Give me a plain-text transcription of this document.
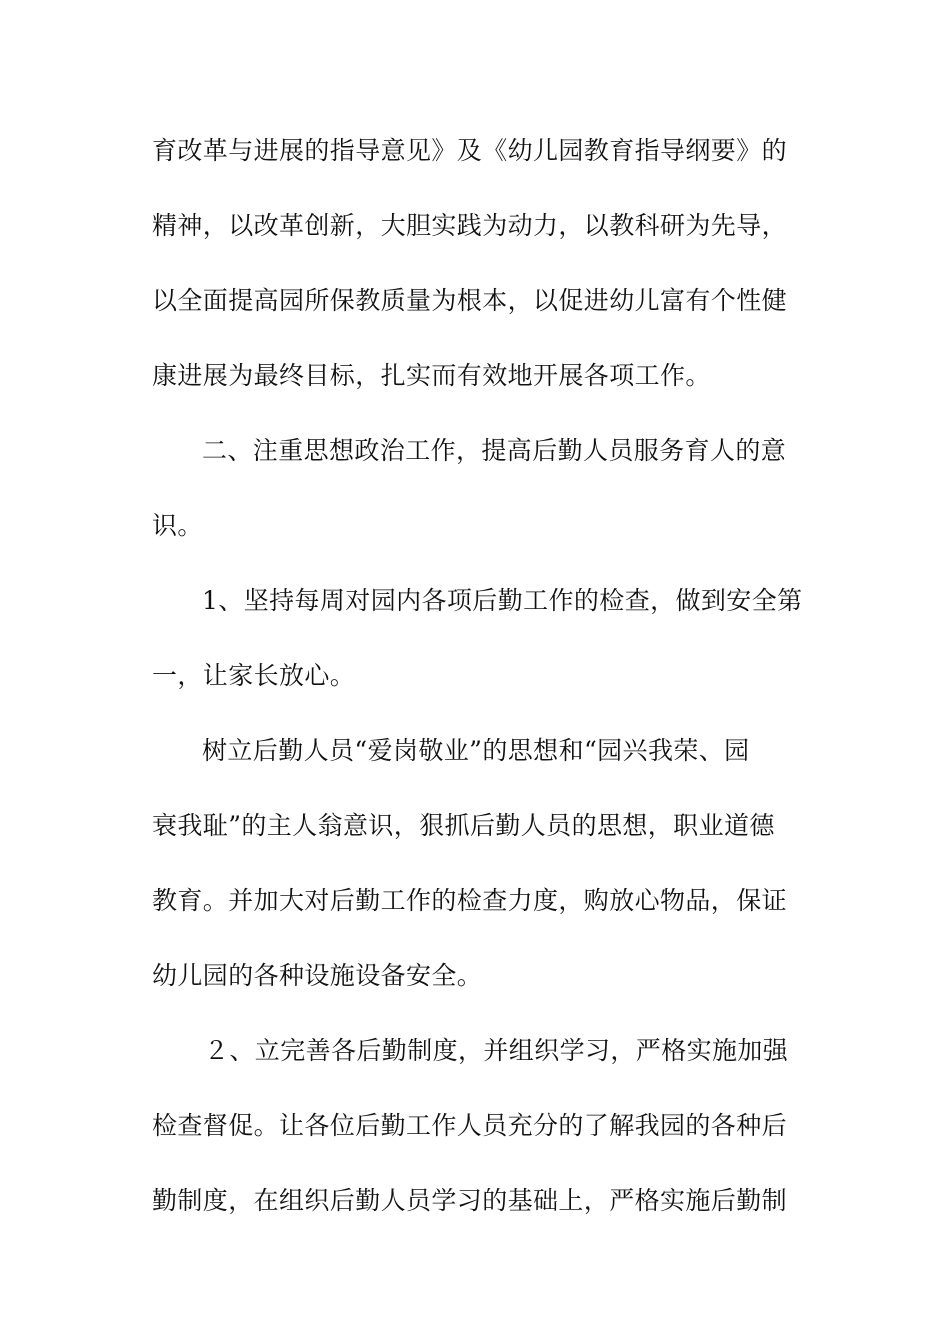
育改革与进展的指导意见》及《幼儿园教育指导纲要》的
精神，以改革创新，大胆实践为动力，以教科研为先导，
以全面提高园所保教质量为根本，以促进幼儿富有个性健
康进展为最终目标，扎实而有效地开展各项工作。
二、注重思想政治工作，提高后勤人员服务育人的意
识。
1、坚持每周对园内各项后勤工作的检查，做到安全第
一，让家长放心。
树立后勤人员“爱岗敬业”的思想和“园兴我荣、园
衰我耻”的主人翁意识，狠抓后勤人员的思想，职业道德
教育。并加大对后勤工作的检查力度，购放心物品，保证
幼儿园的各种设施设备安全。
２、立完善各后勤制度，并组织学习，严格实施加强
检查督促。让各位后勤工作人员充分的了解我园的各种后
勤制度，在组织后勤人员学习的基础上，严格实施后勤制
